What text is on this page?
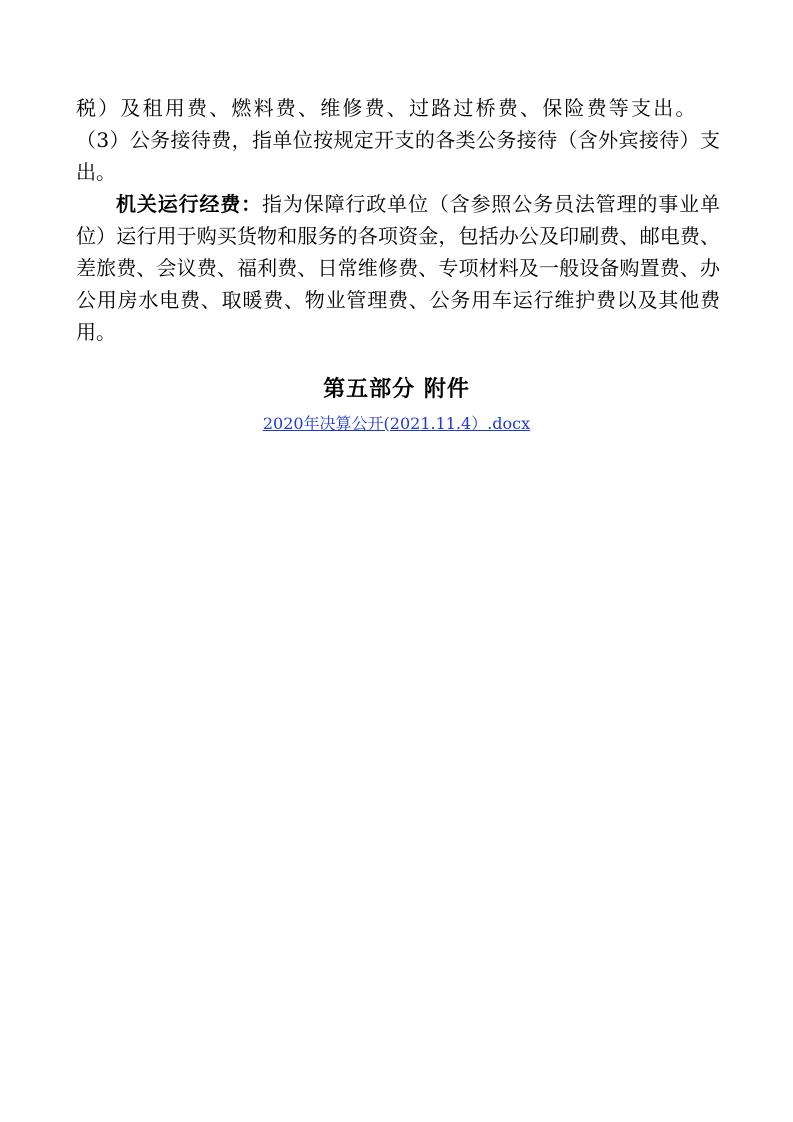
税）及租用费、燃料费、维修费、过路过桥费、保险费等支出。

（3）公务接待费，指单位按规定开支的各类公务接待（含外宾接待）支出。

机关运行经费：指为保障行政单位（含参照公务员法管理的事业单位）运行用于购买货物和服务的各项资金，包括办公及印刷费、邮电费、差旅费、会议费、福利费、日常维修费、专项材料及一般设备购置费、办公用房水电费、取暖费、物业管理费、公务用车运行维护费以及其他费用。

第五部分 附件
2020年决算公开(2021.11.4）.docx
